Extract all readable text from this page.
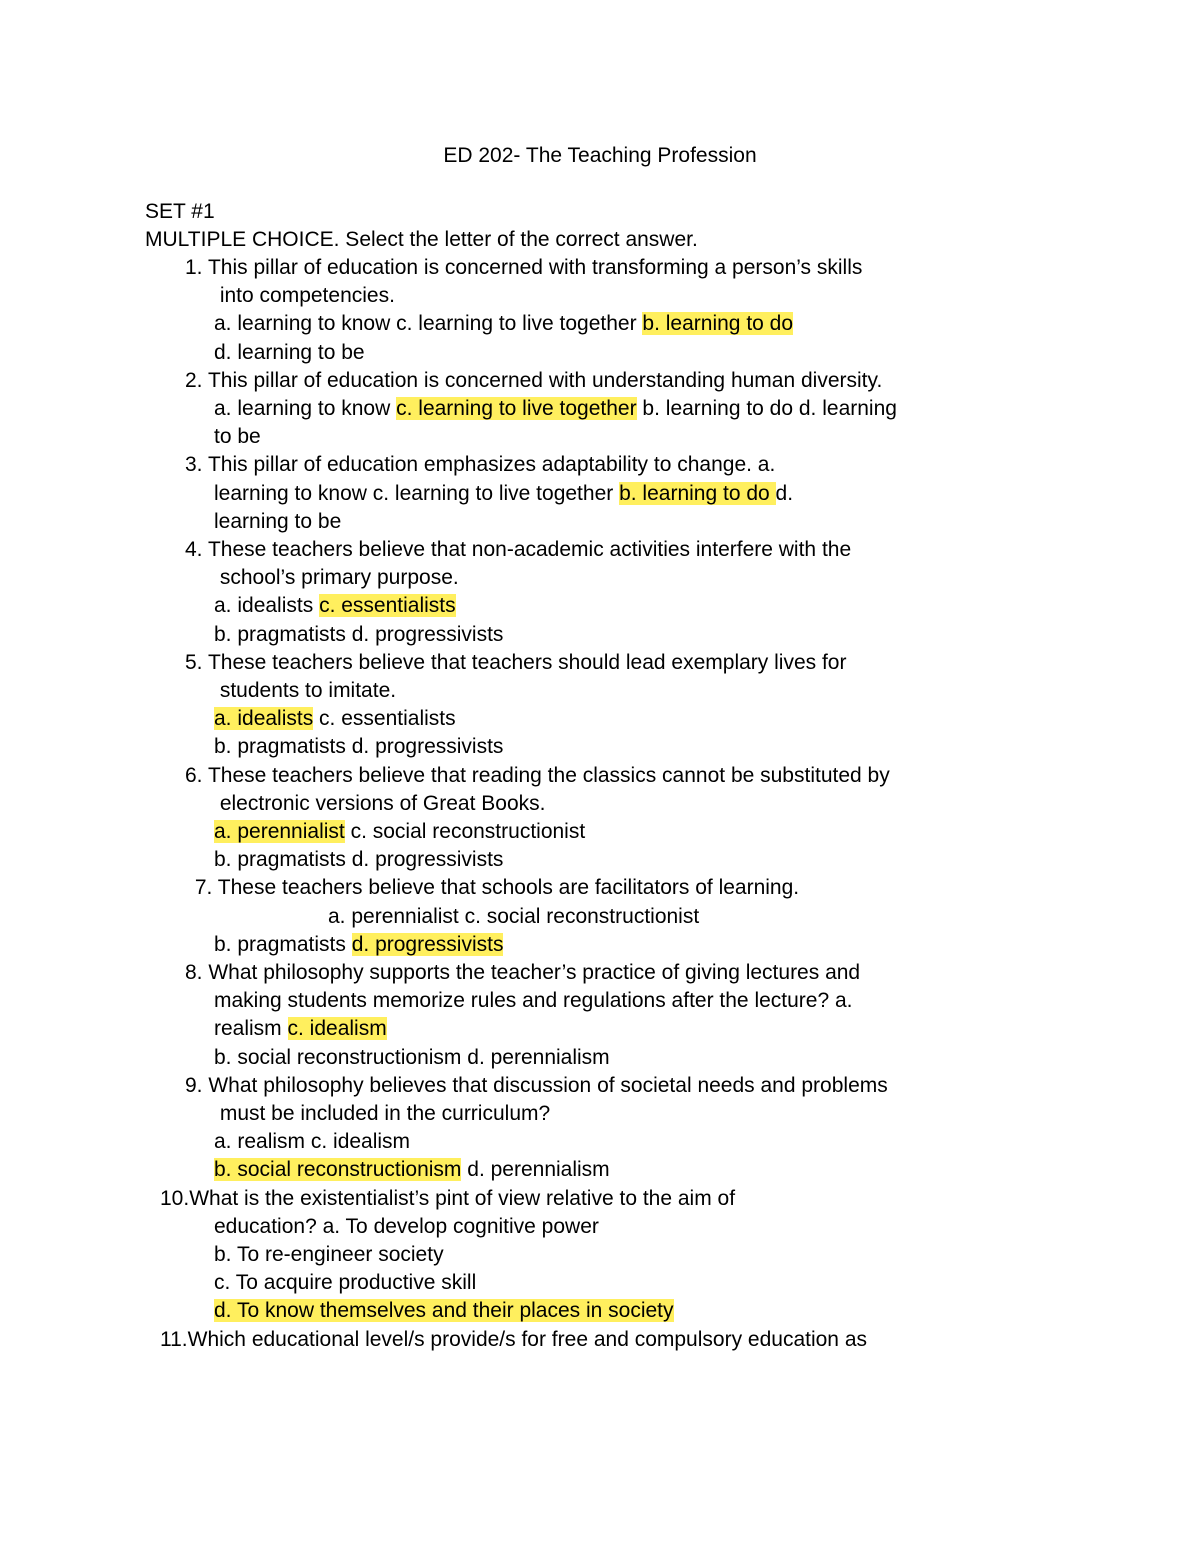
ED 202- The Teaching Profession
SET #1
MULTIPLE CHOICE. Select the letter of the correct answer.
1. This pillar of education is concerned with transforming a person’s skills
into competencies.
a. learning to know c. learning to live together b. learning to do
d. learning to be
2. This pillar of education is concerned with understanding human diversity.
a. learning to know c. learning to live together b. learning to do d. learning
to be
3. This pillar of education emphasizes adaptability to change. a.
learning to know c. learning to live together b. learning to do d.
learning to be
4. These teachers believe that non-academic activities interfere with the
school’s primary purpose.
a. idealists c. essentialists
b. pragmatists d. progressivists
5. These teachers believe that teachers should lead exemplary lives for
students to imitate.
a. idealists c. essentialists
b. pragmatists d. progressivists
6. These teachers believe that reading the classics cannot be substituted by
electronic versions of Great Books.
a. perennialist c. social reconstructionist
b. pragmatists d. progressivists
7. These teachers believe that schools are facilitators of learning.
a. perennialist c. social reconstructionist
b. pragmatists d. progressivists
8. What philosophy supports the teacher’s practice of giving lectures and
making students memorize rules and regulations after the lecture? a.
realism c. idealism
b. social reconstructionism d. perennialism
9. What philosophy believes that discussion of societal needs and problems
must be included in the curriculum?
a. realism c. idealism
b. social reconstructionism d. perennialism
10.What is the existentialist’s pint of view relative to the aim of
education? a. To develop cognitive power
b. To re-engineer society
c. To acquire productive skill
d. To know themselves and their places in society
11.Which educational level/s provide/s for free and compulsory education as
